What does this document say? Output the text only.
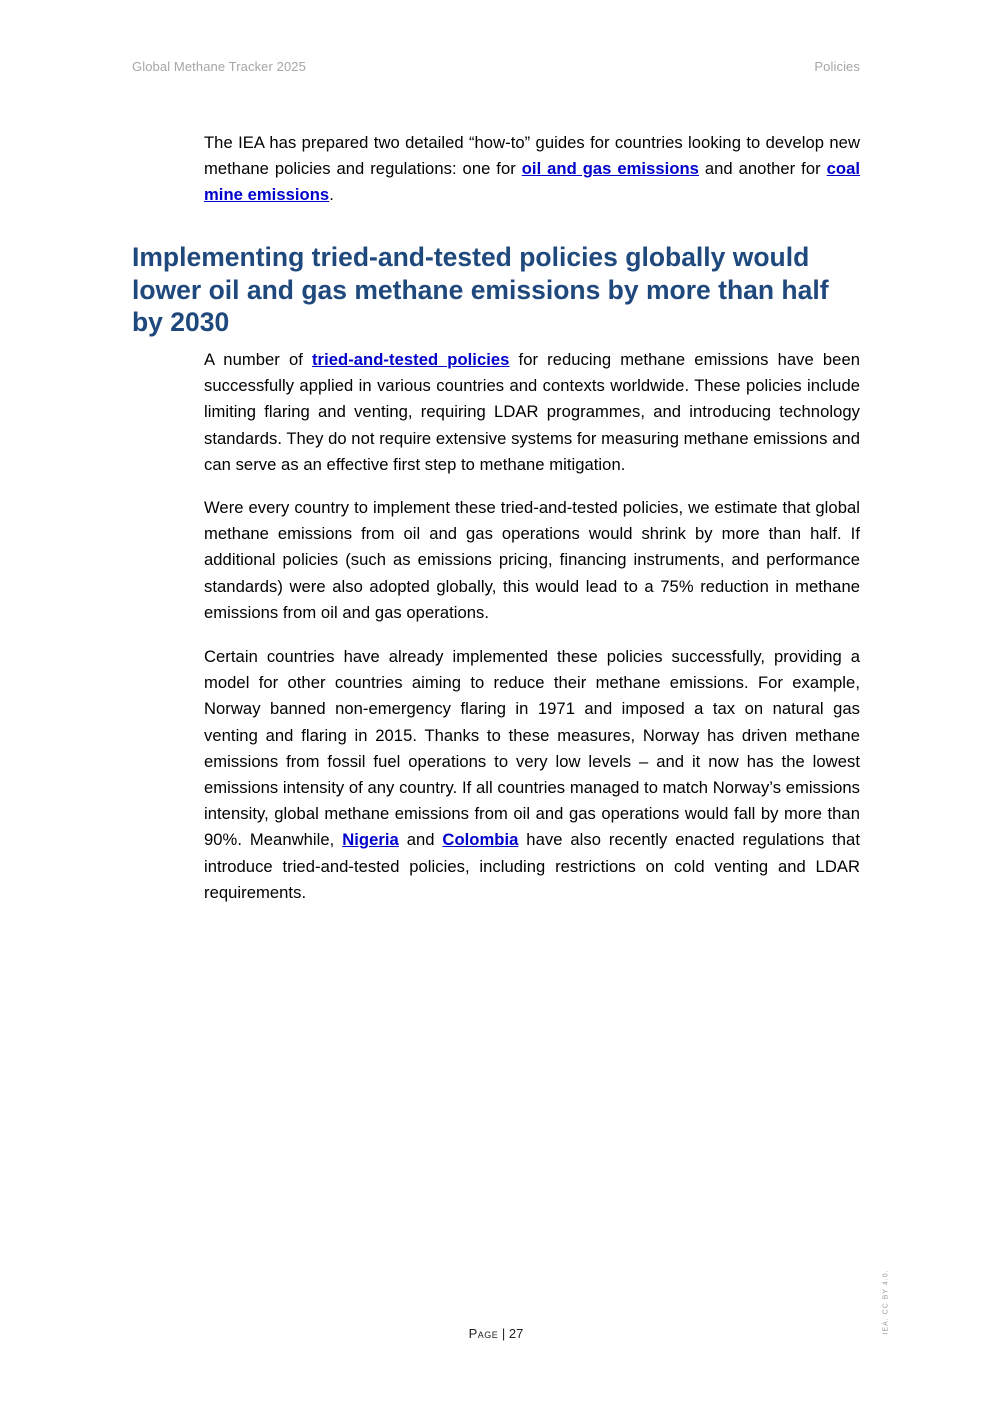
Global Methane Tracker 2025	Policies

The IEA has prepared two detailed “how-to” guides for countries looking to develop new methane policies and regulations: one for oil and gas emissions and another for coal mine emissions.

Implementing tried-and-tested policies globally would lower oil and gas methane emissions by more than half by 2030

A number of tried-and-tested policies for reducing methane emissions have been successfully applied in various countries and contexts worldwide. These policies include limiting flaring and venting, requiring LDAR programmes, and introducing technology standards. They do not require extensive systems for measuring methane emissions and can serve as an effective first step to methane mitigation.

Were every country to implement these tried-and-tested policies, we estimate that global methane emissions from oil and gas operations would shrink by more than half. If additional policies (such as emissions pricing, financing instruments, and performance standards) were also adopted globally, this would lead to a 75% reduction in methane emissions from oil and gas operations.

Certain countries have already implemented these policies successfully, providing a model for other countries aiming to reduce their methane emissions. For example, Norway banned non-emergency flaring in 1971 and imposed a tax on natural gas venting and flaring in 2015. Thanks to these measures, Norway has driven methane emissions from fossil fuel operations to very low levels – and it now has the lowest emissions intensity of any country. If all countries managed to match Norway’s emissions intensity, global methane emissions from oil and gas operations would fall by more than 90%. Meanwhile, Nigeria and Colombia have also recently enacted regulations that introduce tried-and-tested policies, including restrictions on cold venting and LDAR requirements.

Page | 27	IEA. CC BY 4.0.
